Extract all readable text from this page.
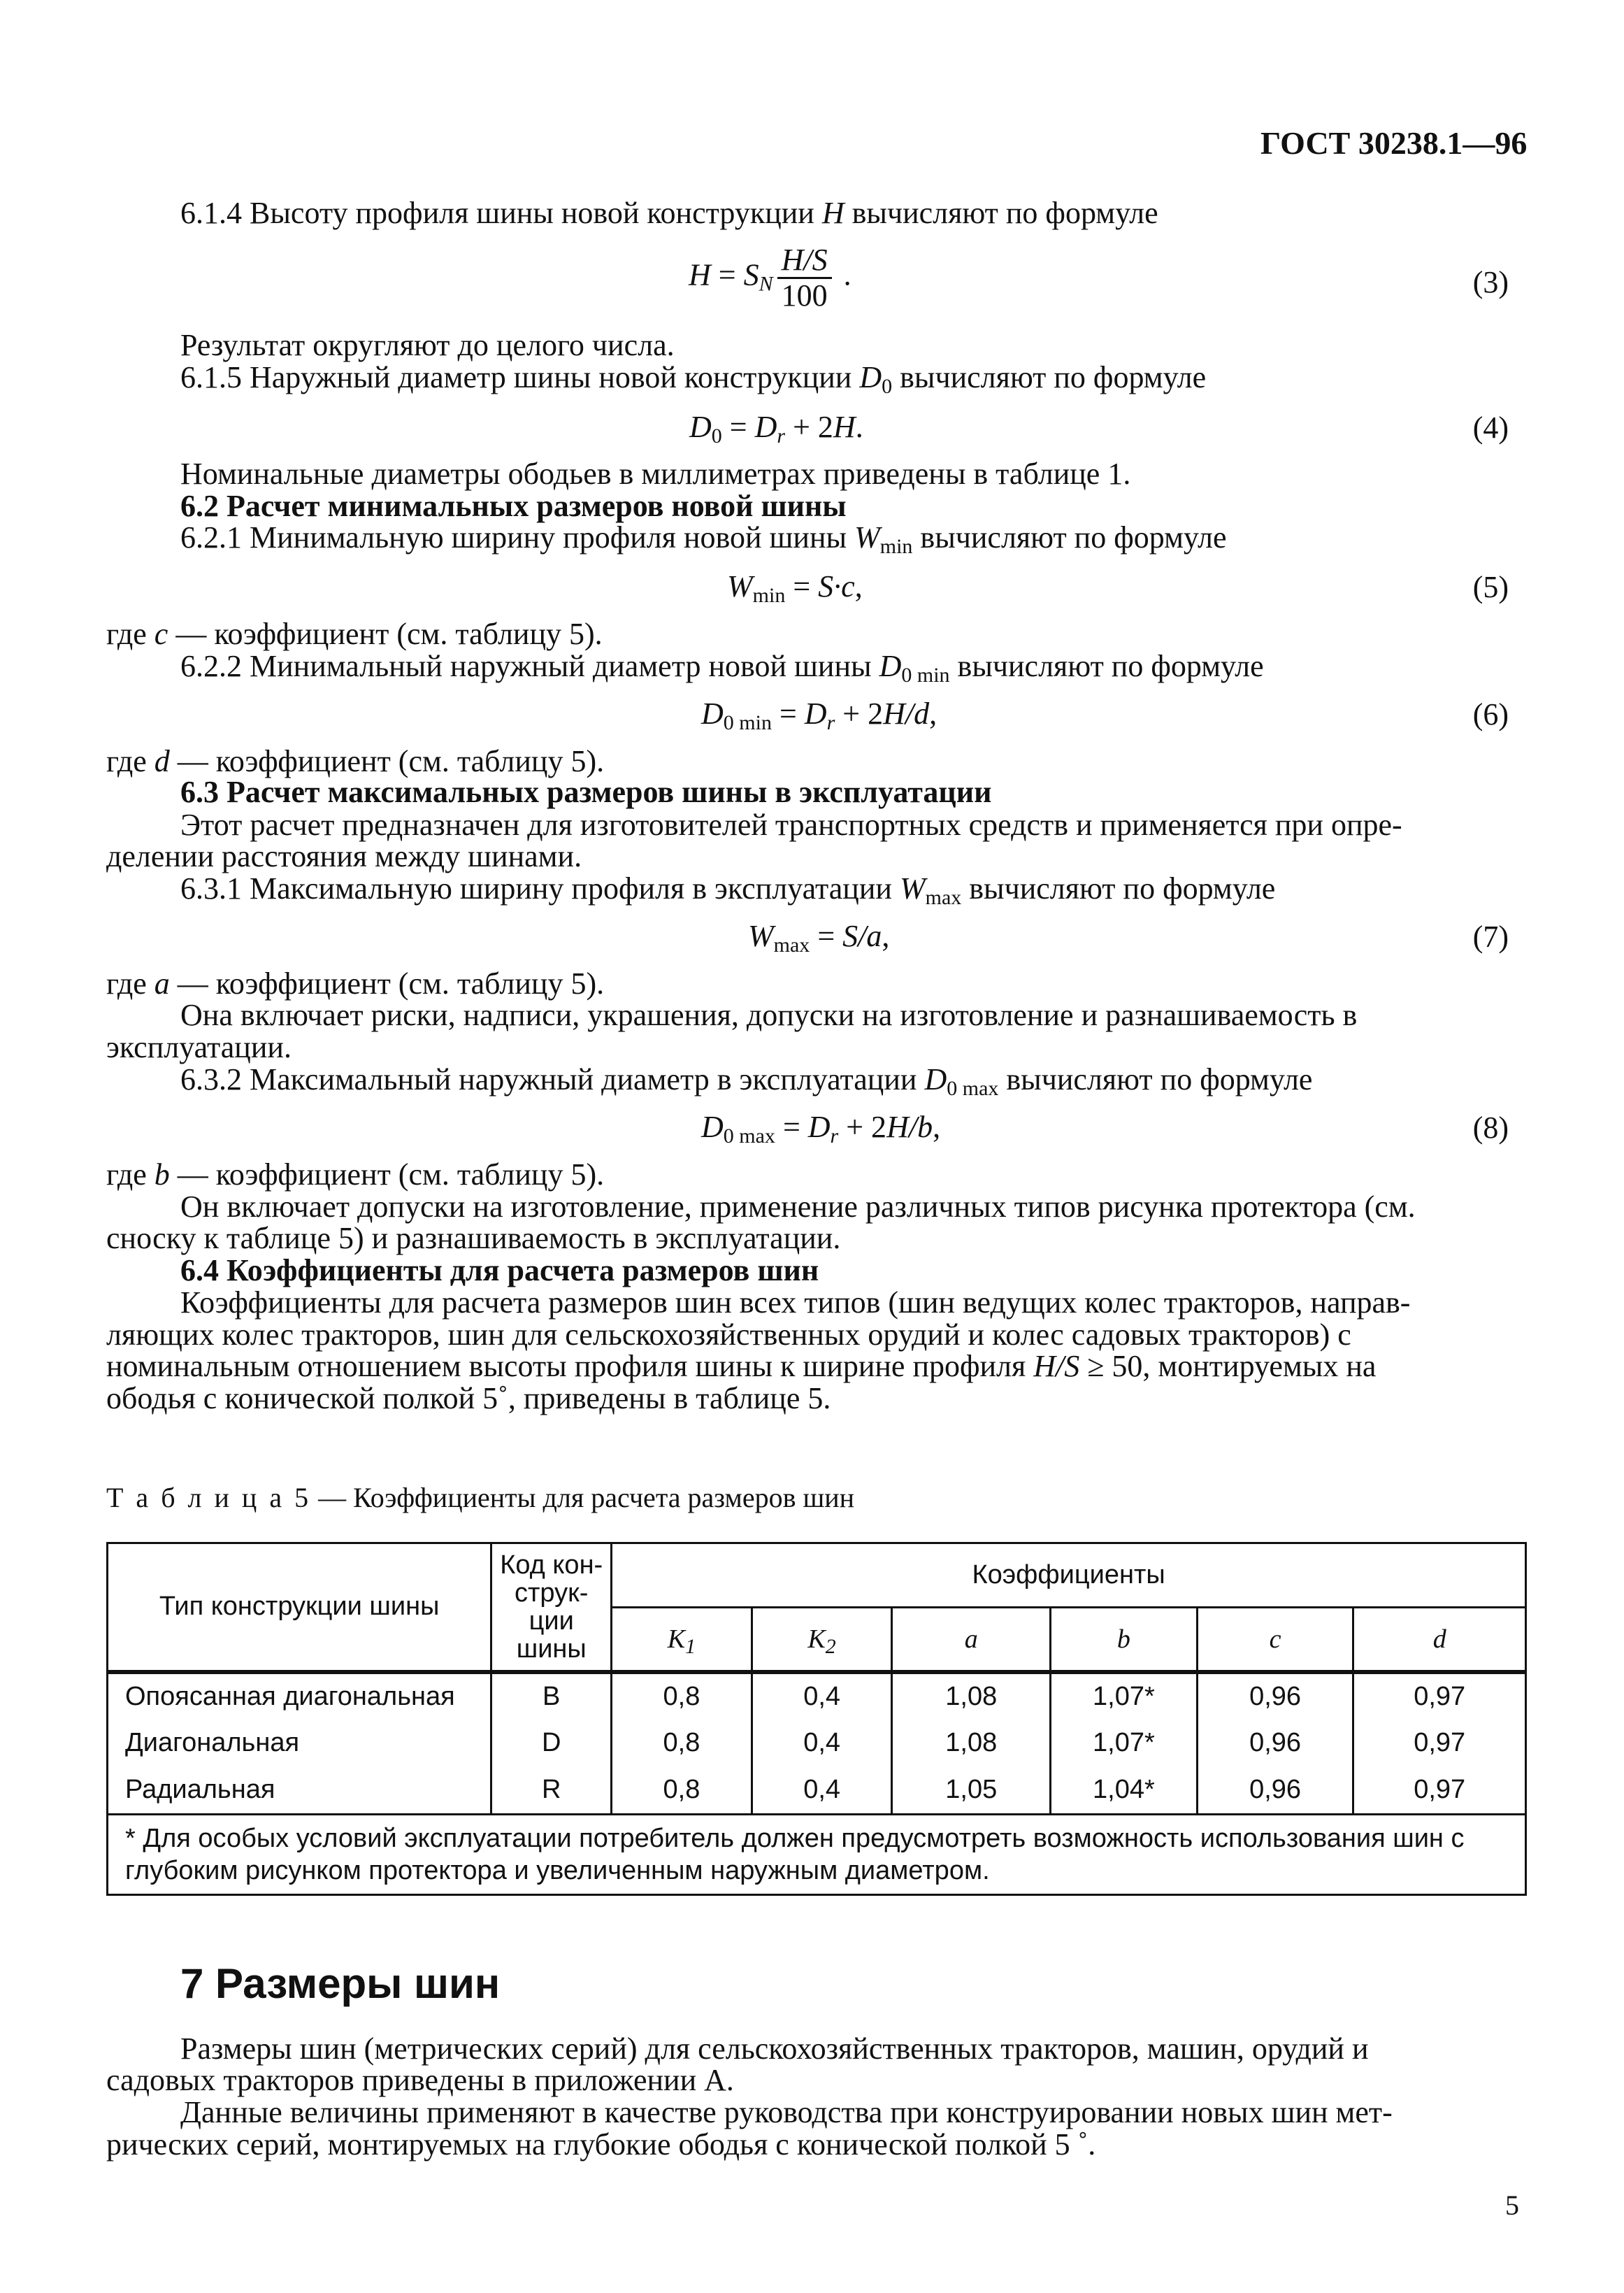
ГОСТ 30238.1—96
6.1.4 Высоту профиля шины новой конструкции H вычисляют по формуле
$H = S_N \frac{H/S}{100}$ .	(3)
Результат округляют до целого числа.
6.1.5 Наружный диаметр шины новой конструкции $D_0$ вычисляют по формуле
$D_0 = D_r + 2H$.	(4)
Номинальные диаметры ободьев в миллиметрах приведены в таблице 1.
6.2 Расчет минимальных размеров новой шины
6.2.1 Минимальную ширину профиля новой шины $W_{min}$ вычисляют по формуле
$W_{min} = S\cdot c$,	(5)
где c — коэффициент (см. таблицу 5).
6.2.2 Минимальный наружный диаметр новой шины $D_{0 min}$ вычисляют по формуле
$D_{0 min} = D_r + 2H/d$,	(6)
где d — коэффициент (см. таблицу 5).
6.3 Расчет максимальных размеров шины в эксплуатации
Этот расчет предназначен для изготовителей транспортных средств и применяется при опре-
делении расстояния между шинами.
6.3.1 Максимальную ширину профиля в эксплуатации $W_{max}$ вычисляют по формуле
$W_{max} = S/a$,	(7)
где a — коэффициент (см. таблицу 5).
Она включает риски, надписи, украшения, допуски на изготовление и разнашиваемость в
эксплуатации.
6.3.2 Максимальный наружный диаметр в эксплуатации $D_{0 max}$ вычисляют по формуле
$D_{0 max} = D_r + 2H/b$,	(8)
где b — коэффициент (см. таблицу 5).
Он включает допуски на изготовление, применение различных типов рисунка протектора (см.
сноску к таблице 5) и разнашиваемость в эксплуатации.
6.4 Коэффициенты для расчета размеров шин
Коэффициенты для расчета размеров шин всех типов (шин ведущих колес тракторов, направ-
ляющих колес тракторов, шин для сельскохозяйственных орудий и колес садовых тракторов) с
номинальным отношением высоты профиля шины к ширине профиля H/S ≥ 50, монтируемых на
ободья с конической полкой 5˚, приведены в таблице 5.
Т а б л и ц а 5 — Коэффициенты для расчета размеров шин
Тип конструкции шины	Код кон-
струк-
ции шины	Коэффициенты					
		$K_1$	$K_2$	a	b	c	d
Опоясанная диагональная	B	0,8	0,4	1,08	1,07*	0,96	0,97
Диагональная	D	0,8	0,4	1,08	1,07*	0,96	0,97
Радиальная	R	0,8	0,4	1,05	1,04*	0,96	0,97
* Для особых условий эксплуатации потребитель должен предусмотреть возможность использования шин с глубоким рисунком протектора и увеличенным наружным диаметром.							
7 Размеры шин
Размеры шин (метрических серий) для сельскохозяйственных тракторов, машин, орудий и
садовых тракторов приведены в приложении А.
Данные величины применяют в качестве руководства при конструировании новых шин мет-
рических серий, монтируемых на глубокие ободья с конической полкой 5 ˚.
5
